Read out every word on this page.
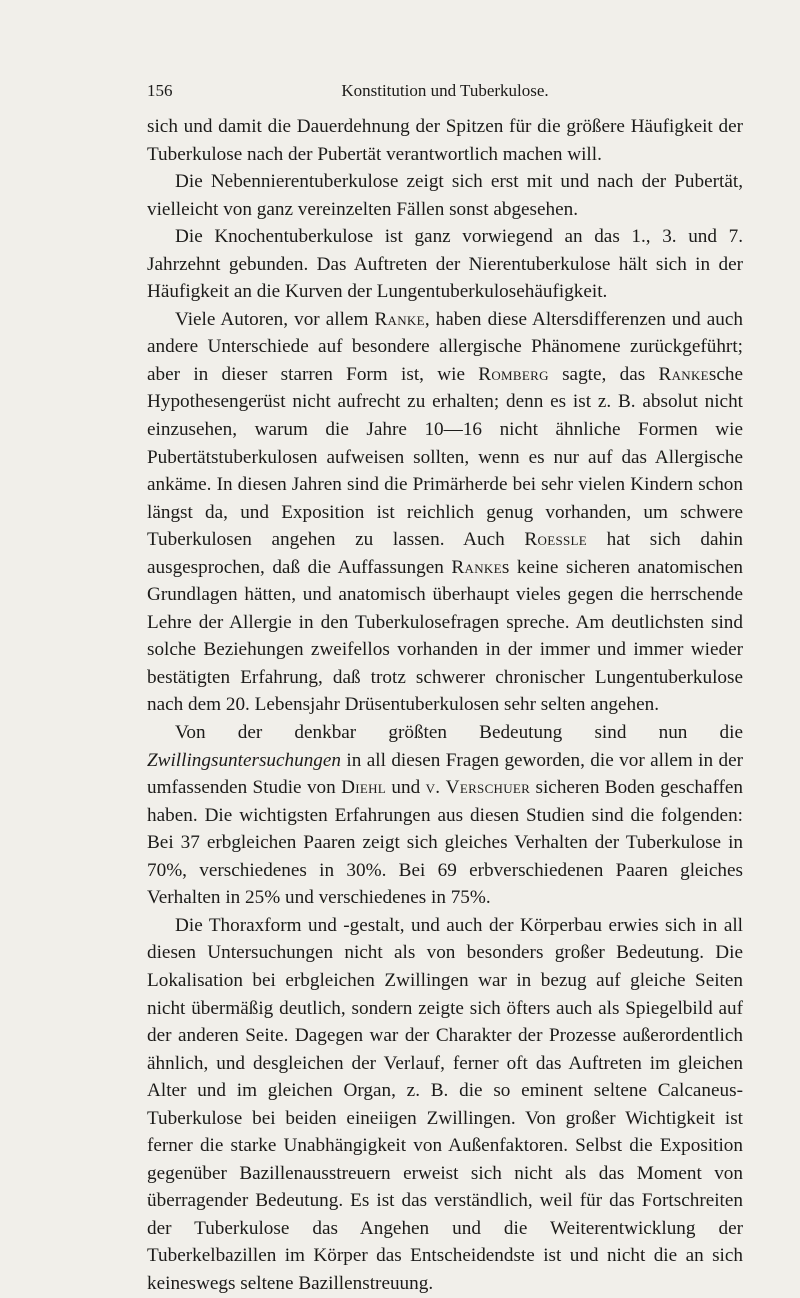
156	Konstitution und Tuberkulose.

sich und damit die Dauerdehnung der Spitzen für die größere Häufigkeit der Tuberkulose nach der Pubertät verantwortlich machen will.

Die Nebennierentuberkulose zeigt sich erst mit und nach der Pubertät, vielleicht von ganz vereinzelten Fällen sonst abgesehen.

Die Knochentuberkulose ist ganz vorwiegend an das 1., 3. und 7. Jahrzehnt gebunden. Das Auftreten der Nierentuberkulose hält sich in der Häufigkeit an die Kurven der Lungentuberkulosehäufigkeit.

Viele Autoren, vor allem Ranke, haben diese Altersdifferenzen und auch andere Unterschiede auf besondere allergische Phänomene zurückgeführt; aber in dieser starren Form ist, wie Romberg sagte, das Rankesche Hypothesengerüst nicht aufrecht zu erhalten; denn es ist z. B. absolut nicht einzusehen, warum die Jahre 10—16 nicht ähnliche Formen wie Pubertätstuberkulosen aufweisen sollten, wenn es nur auf das Allergische ankäme. In diesen Jahren sind die Primärherde bei sehr vielen Kindern schon längst da, und Exposition ist reichlich genug vorhanden, um schwere Tuberkulosen angehen zu lassen. Auch Roessle hat sich dahin ausgesprochen, daß die Auffassungen Rankes keine sicheren anatomischen Grundlagen hätten, und anatomisch überhaupt vieles gegen die herrschende Lehre der Allergie in den Tuberkulosefragen spreche. Am deutlichsten sind solche Beziehungen zweifellos vorhanden in der immer und immer wieder bestätigten Erfahrung, daß trotz schwerer chronischer Lungentuberkulose nach dem 20. Lebensjahr Drüsentuberkulosen sehr selten angehen.

Von der denkbar größten Bedeutung sind nun die Zwillingsuntersuchungen in all diesen Fragen geworden, die vor allem in der umfassenden Studie von Diehl und v. Verschuer sicheren Boden geschaffen haben. Die wichtigsten Erfahrungen aus diesen Studien sind die folgenden: Bei 37 erbgleichen Paaren zeigt sich gleiches Verhalten der Tuberkulose in 70%, verschiedenes in 30%. Bei 69 erbverschiedenen Paaren gleiches Verhalten in 25% und verschiedenes in 75%.

Die Thoraxform und -gestalt, und auch der Körperbau erwies sich in all diesen Untersuchungen nicht als von besonders großer Bedeutung. Die Lokalisation bei erbgleichen Zwillingen war in bezug auf gleiche Seiten nicht übermäßig deutlich, sondern zeigte sich öfters auch als Spiegelbild auf der anderen Seite. Dagegen war der Charakter der Prozesse außerordentlich ähnlich, und desgleichen der Verlauf, ferner oft das Auftreten im gleichen Alter und im gleichen Organ, z. B. die so eminent seltene Calcaneus-Tuberkulose bei beiden eineiigen Zwillingen. Von großer Wichtigkeit ist ferner die starke Unabhängigkeit von Außenfaktoren. Selbst die Exposition gegenüber Bazillenausstreuern erweist sich nicht als das Moment von überragender Bedeutung. Es ist das verständlich, weil für das Fortschreiten der Tuberkulose das Angehen und die Weiterentwicklung der Tuberkelbazillen im Körper das Entscheidendste ist und nicht die an sich keineswegs seltene Bazillenstreuung.
